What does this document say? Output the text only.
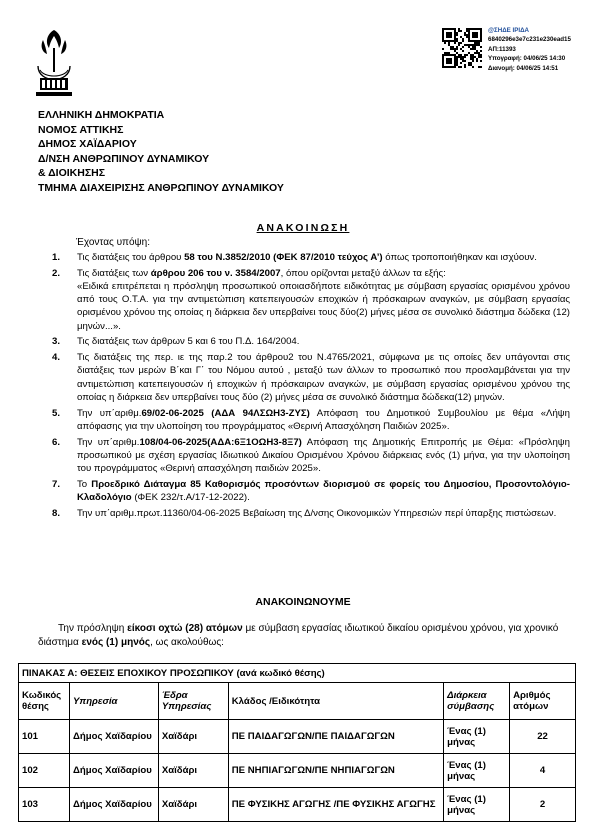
@ΣΗΔΕ ΙΡΙΔΑ
6840296e3e7c231e230ead15
ΑΠ:11393
Υπογραφή: 04/06/25 14:30
Διανομή: 04/06/25 14:51
ΕΛΛΗΝΙΚΗ ΔΗΜΟΚΡΑΤΙΑ
ΝΟΜΟΣ ΑΤΤΙΚΗΣ
ΔΗΜΟΣ ΧΑΪΔΑΡΙΟΥ
Δ/ΝΣΗ ΑΝΘΡΩΠΙΝΟΥ ΔΥΝΑΜΙΚΟΥ
& ΔΙΟΙΚΗΣΗΣ
ΤΜΗΜΑ ΔΙΑΧΕΙΡΙΣΗΣ ΑΝΘΡΩΠΙΝΟΥ ΔΥΝΑΜΙΚΟΥ
ΑΝΑΚΟΙΝΩΣΗ
Έχοντας υπόψη:
1.	Τις διατάξεις του άρθρου 58 του Ν.3852/2010 (ΦΕΚ 87/2010 τεύχος Α’) όπως τροποποιήθηκαν και ισχύουν.
2.	Τις διατάξεις των άρθρου 206 του ν. 3584/2007, όπου ορίζονται μεταξύ άλλων τα εξής:
«Ειδικά επιτρέπεται η πρόσληψη προσωπικού οποιασδήποτε ειδικότητας με σύμβαση εργασίας ορισμένου χρόνου από τους Ο.Τ.Α. για την αντιμετώπιση κατεπειγουσών εποχικών ή πρόσκαιρων αναγκών, με σύμβαση εργασίας ορισμένου χρόνου της οποίας η διάρκεια δεν υπερβαίνει τους δύο(2) μήνες μέσα σε συνολικό διάστημα δώδεκα (12) μηνών...».
3.	Τις διατάξεις των άρθρων 5 και 6 του Π.Δ. 164/2004.
4.	Τις διατάξεις της περ. ιε της παρ.2 του άρθρου2 του Ν.4765/2021, σύμφωνα με τις οποίες δεν υπάγονται στις διατάξεις των μερών Β΄και Γ΄ του Νόμου αυτού , μεταξύ των άλλων το προσωπικό που προσλαμβάνεται για την αντιμετώπιση κατεπειγουσών ή εποχικών ή πρόσκαιρων αναγκών, με σύμβαση εργασίας ορισμένου χρόνου της οποίας η διάρκεια δεν υπερβαίνει τους δύο (2) μήνες μέσα σε συνολικό διάστημα δώδεκα(12) μηνών.
5.	Την υπ΄αριθμ.69/02-06-2025 (ΑΔΑ 94ΛΣΩΗ3-ΖΥΣ) Απόφαση του Δημοτικού Συμβουλίου με θέμα «Λήψη απόφασης για την υλοποίηση του προγράμματος «Θερινή Απασχόληση Παιδιών 2025».
6.	Την υπ΄αριθμ.108/04-06-2025(ΑΔΑ:6Ξ1ΟΩΗ3-8Ξ7) Απόφαση της Δημοτικής Επιτροπής με Θέμα: «Πρόσληψη προσωπικού με σχέση εργασίας Ιδιωτικού Δικαίου Ορισμένου Χρόνου διάρκειας ενός (1) μήνα, για την υλοποίηση του προγράμματος «Θερινή απασχόληση παιδιών 2025».
7.	Το Προεδρικό Διάταγμα 85 Καθορισμός προσόντων διορισμού σε φορείς του Δημοσίου, Προσοντολόγιο-Κλαδολόγιο (ΦΕΚ 232/τ.Α/17-12-2022).
8.	Την υπ΄αριθμ.πρωτ.11360/04-06-2025 Βεβαίωση της Δ/νσης Οικονομικών Υπηρεσιών περί ύπαρξης πιστώσεων.
ΑΝΑΚΟΙΝΩΝΟΥΜΕ
Την πρόσληψη είκοσι οχτώ (28) ατόμων με σύμβαση εργασίας ιδιωτικού δικαίου ορισμένου χρόνου, για χρονικό διάστημα ενός (1) μηνός, ως ακολούθως:
ΠΙΝΑΚΑΣ Α: ΘΕΣΕΙΣ ΕΠΟΧΙΚΟΥ ΠΡΟΣΩΠΙΚΟΥ (ανά κωδικό θέσης)					
Κωδικός θέσης	Υπηρεσία	Έδρα Υπηρεσίας	Κλάδος /Ειδικότητα	Διάρκεια σύμβασης	Αριθμός ατόμων
101	Δήμος Χαϊδαρίου	Χαϊδάρι	ΠΕ ΠΑΙΔΑΓΩΓΩΝ/ΠΕ ΠΑΙΔΑΓΩΓΩΝ	Ένας (1) μήνας	22
102	Δήμος Χαϊδαρίου	Χαϊδάρι	ΠΕ ΝΗΠΙΑΓΩΓΩΝ/ΠΕ ΝΗΠΙΑΓΩΓΩΝ	Ένας (1) μήνας	4
103	Δήμος Χαϊδαρίου	Χαϊδάρι	ΠΕ ΦΥΣΙΚΗΣ ΑΓΩΓΗΣ /ΠΕ ΦΥΣΙΚΗΣ ΑΓΩΓΗΣ	Ένας (1) μήνας	2
